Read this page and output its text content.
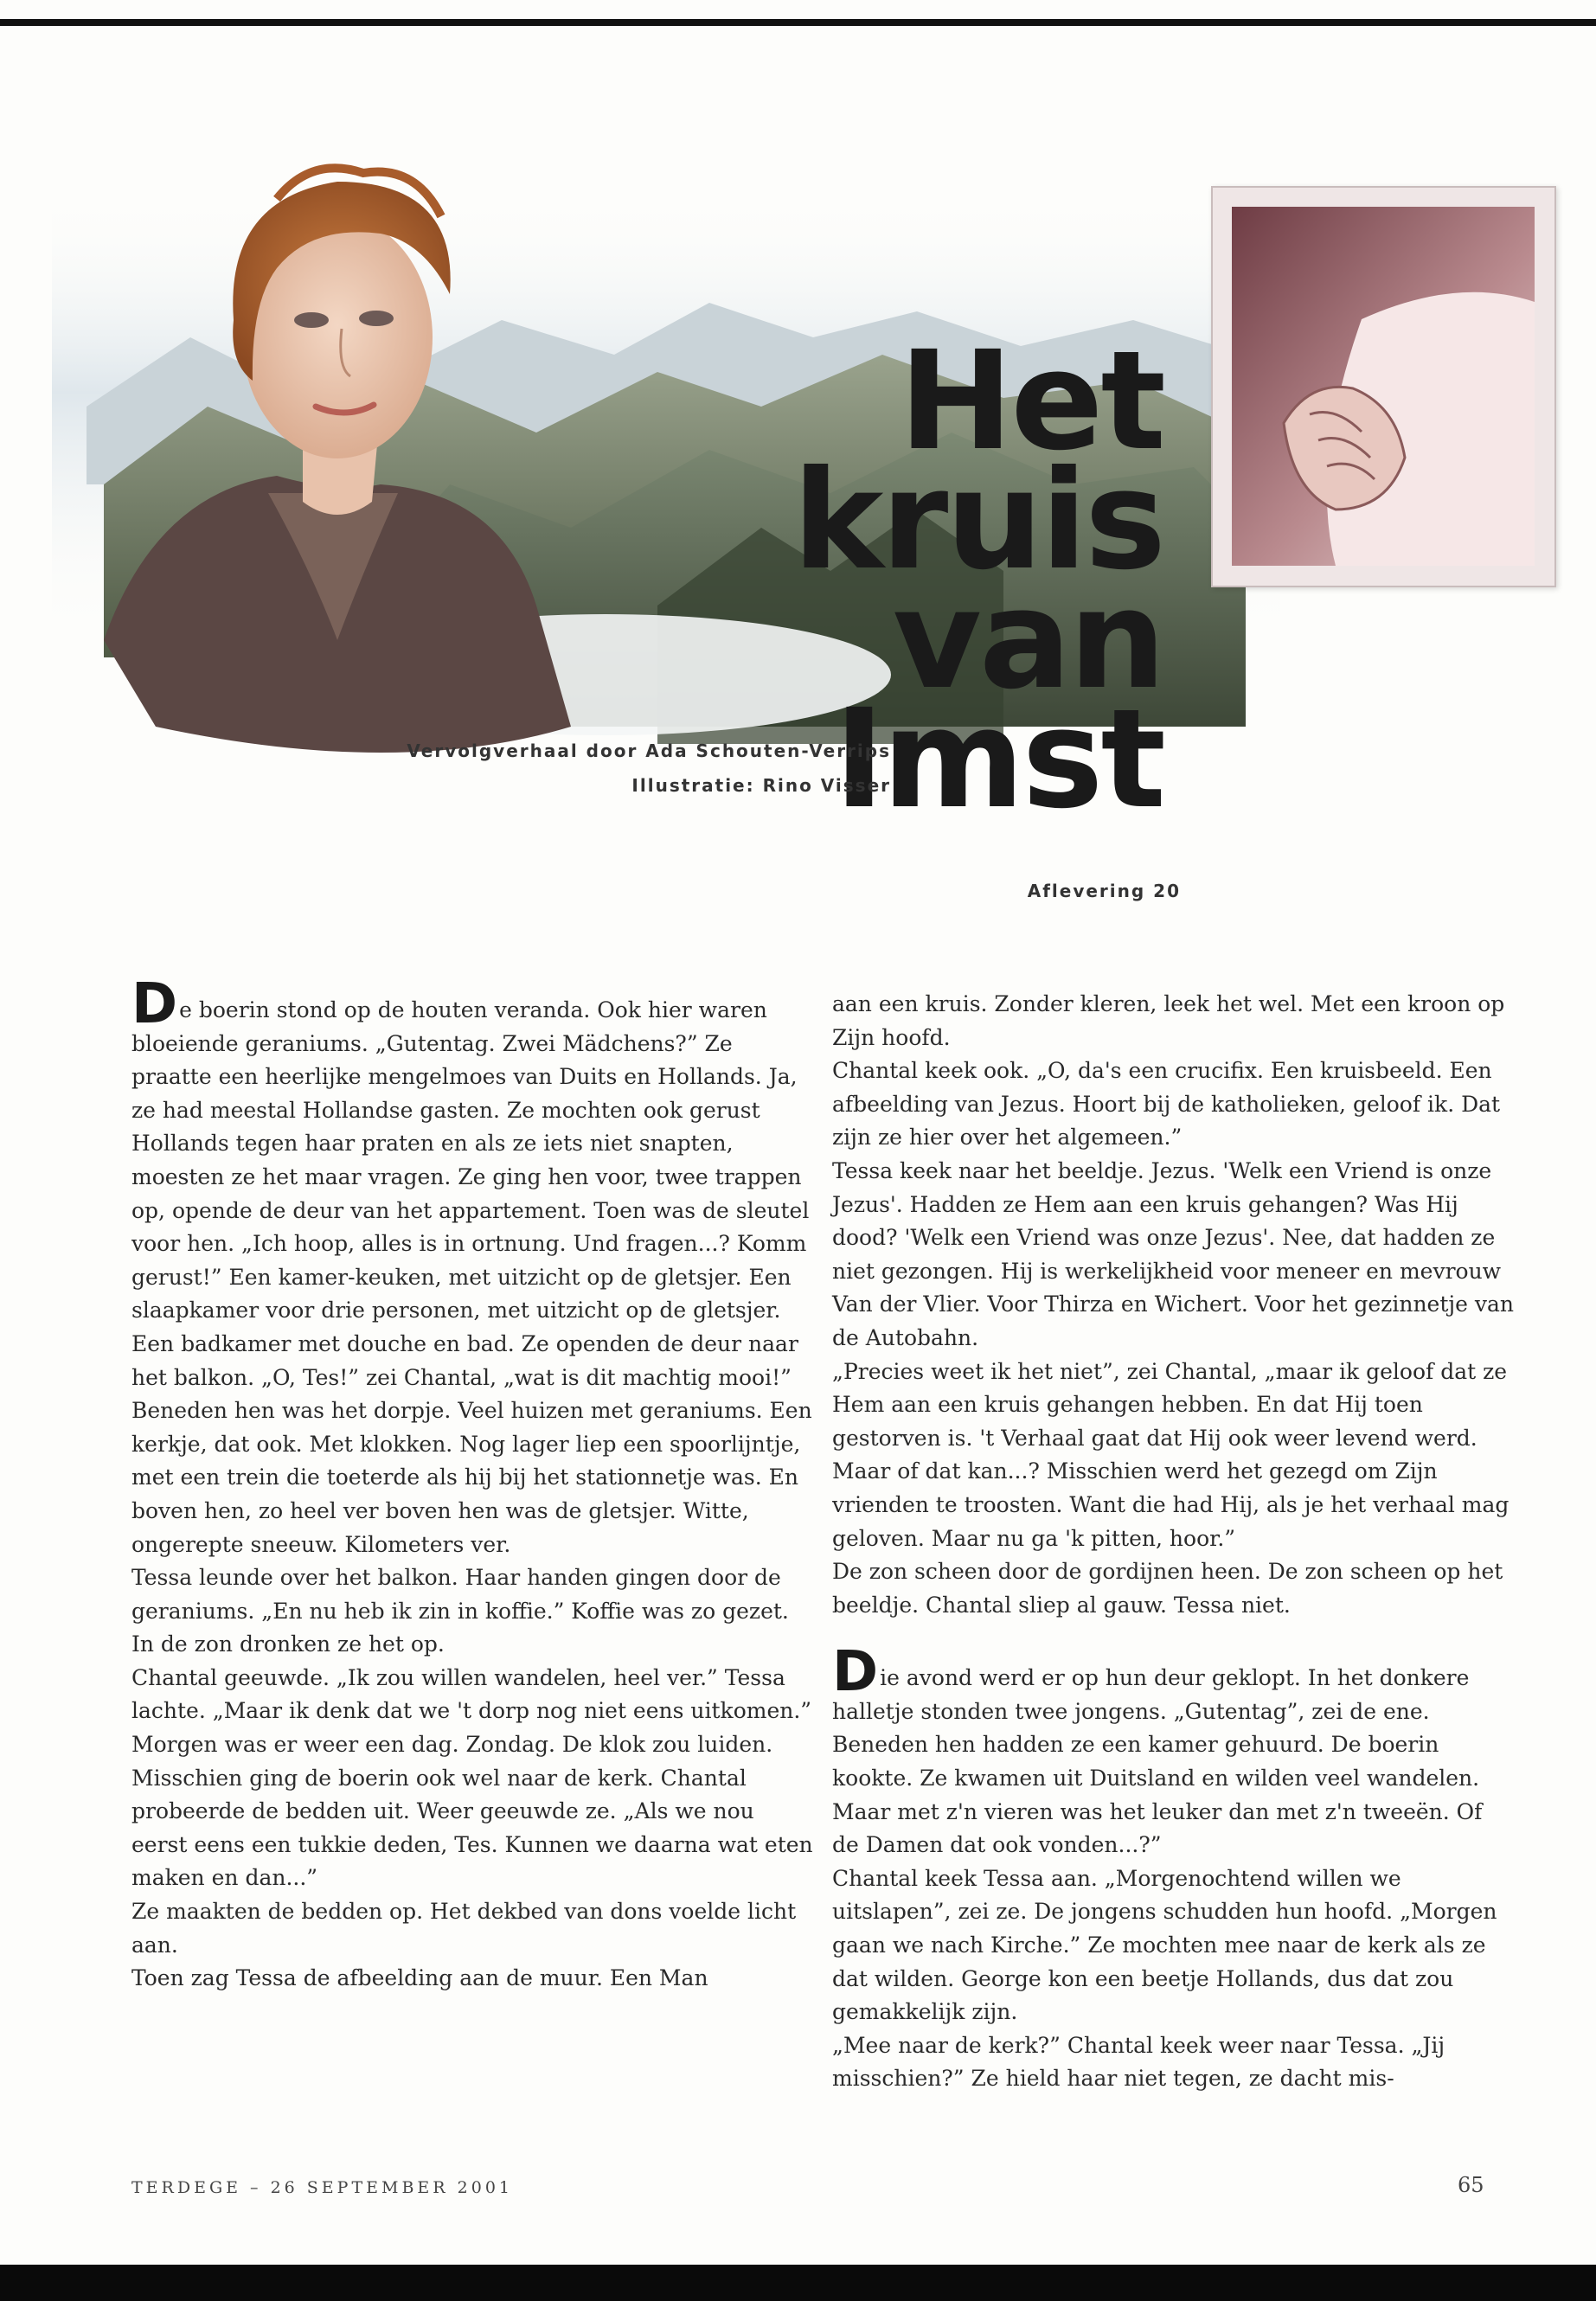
Het
kruis
van
Imst
Vervolgverhaal door Ada Schouten-Verrips
Illustratie: Rino Visser
Aflevering 20

De boerin stond op de houten veranda. Ook hier waren bloeiende geraniums. „Gutentag. Zwei Mädchens?” Ze praatte een heerlijke mengelmoes van Duits en Hollands. Ja, ze had meestal Hollandse gasten. Ze mochten ook gerust Hollands tegen haar praten en als ze iets niet snapten, moesten ze het maar vragen. Ze ging hen voor, twee trappen op, opende de deur van het appartement. Toen was de sleutel voor hen. „Ich hoop, alles is in ortnung. Und fragen...? Komm gerust!” Een kamer-keuken, met uitzicht op de gletsjer. Een slaapkamer voor drie personen, met uitzicht op de gletsjer. Een badkamer met douche en bad. Ze openden de deur naar het balkon. „O, Tes!” zei Chantal, „wat is dit machtig mooi!”

Beneden hen was het dorpje. Veel huizen met geraniums. Een kerkje, dat ook. Met klokken. Nog lager liep een spoorlijntje, met een trein die toeterde als hij bij het stationnetje was. En boven hen, zo heel ver boven hen was de gletsjer. Witte, ongerepte sneeuw. Kilometers ver.

Tessa leunde over het balkon. Haar handen gingen door de geraniums. „En nu heb ik zin in koffie.” Koffie was zo gezet. In de zon dronken ze het op.

Chantal geeuwde. „Ik zou willen wandelen, heel ver.” Tessa lachte. „Maar ik denk dat we 't dorp nog niet eens uitkomen.”

Morgen was er weer een dag. Zondag. De klok zou luiden. Misschien ging de boerin ook wel naar de kerk. Chantal probeerde de bedden uit. Weer geeuwde ze. „Als we nou eerst eens een tukkie deden, Tes. Kunnen we daarna wat eten maken en dan...”

Ze maakten de bedden op. Het dekbed van dons voelde licht aan.

Toen zag Tessa de afbeelding aan de muur. Een Man

aan een kruis. Zonder kleren, leek het wel. Met een kroon op Zijn hoofd.

Chantal keek ook. „O, da's een crucifix. Een kruisbeeld. Een afbeelding van Jezus. Hoort bij de katholieken, geloof ik. Dat zijn ze hier over het algemeen.”

Tessa keek naar het beeldje. Jezus. 'Welk een Vriend is onze Jezus'. Hadden ze Hem aan een kruis gehangen? Was Hij dood? 'Welk een Vriend was onze Jezus'. Nee, dat hadden ze niet gezongen. Hij is werkelijkheid voor meneer en mevrouw Van der Vlier. Voor Thirza en Wichert. Voor het gezinnetje van de Autobahn.

„Precies weet ik het niet”, zei Chantal, „maar ik geloof dat ze Hem aan een kruis gehangen hebben. En dat Hij toen gestorven is. 't Verhaal gaat dat Hij ook weer levend werd. Maar of dat kan...? Misschien werd het gezegd om Zijn vrienden te troosten. Want die had Hij, als je het verhaal mag geloven. Maar nu ga 'k pitten, hoor.”

De zon scheen door de gordijnen heen. De zon scheen op het beeldje. Chantal sliep al gauw. Tessa niet.

Die avond werd er op hun deur geklopt. In het donkere halletje stonden twee jongens. „Gutentag”, zei de ene. Beneden hen hadden ze een kamer gehuurd. De boerin kookte. Ze kwamen uit Duitsland en wilden veel wandelen. Maar met z'n vieren was het leuker dan met z'n tweeën. Of de Damen dat ook vonden...?”

Chantal keek Tessa aan. „Morgenochtend willen we uitslapen”, zei ze. De jongens schudden hun hoofd. „Morgen gaan we nach Kirche.” Ze mochten mee naar de kerk als ze dat wilden. George kon een beetje Hollands, dus dat zou gemakkelijk zijn.

„Mee naar de kerk?” Chantal keek weer naar Tessa. „Jij misschien?” Ze hield haar niet tegen, ze dacht mis-

TERDEGE – 26 SEPTEMBER 2001	65
